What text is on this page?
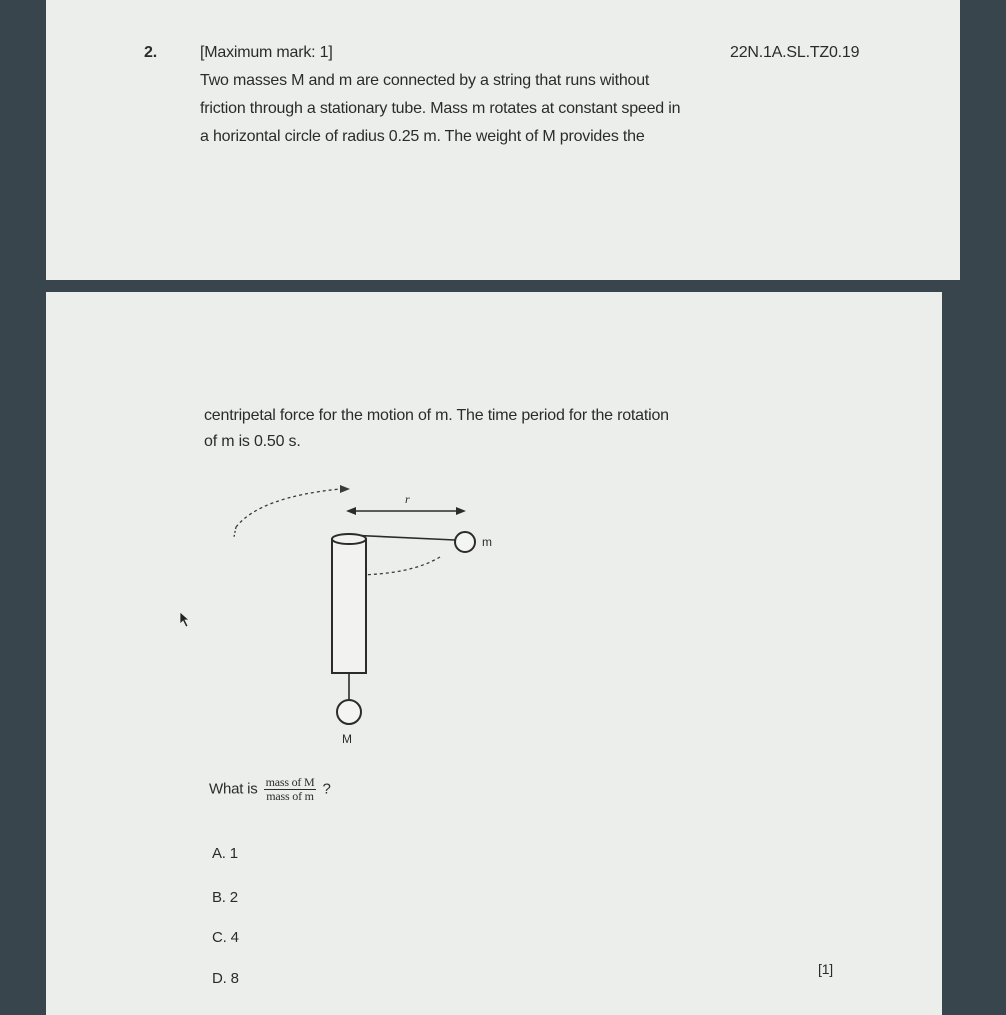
2.	[Maximum mark: 1]	22N.1A.SL.TZ0.19
Two masses M and m are connected by a string that runs without
friction through a stationary tube. Mass m rotates at constant speed in
a horizontal circle of radius 0.25 m. The weight of M provides the
centripetal force for the motion of m. The time period for the rotation
of m is 0.50 s.
r
m
M
What is $\frac{\text{mass of M}}{\text{mass of m}}$ ?
A. 1
B. 2
C. 4
D. 8
[1]
